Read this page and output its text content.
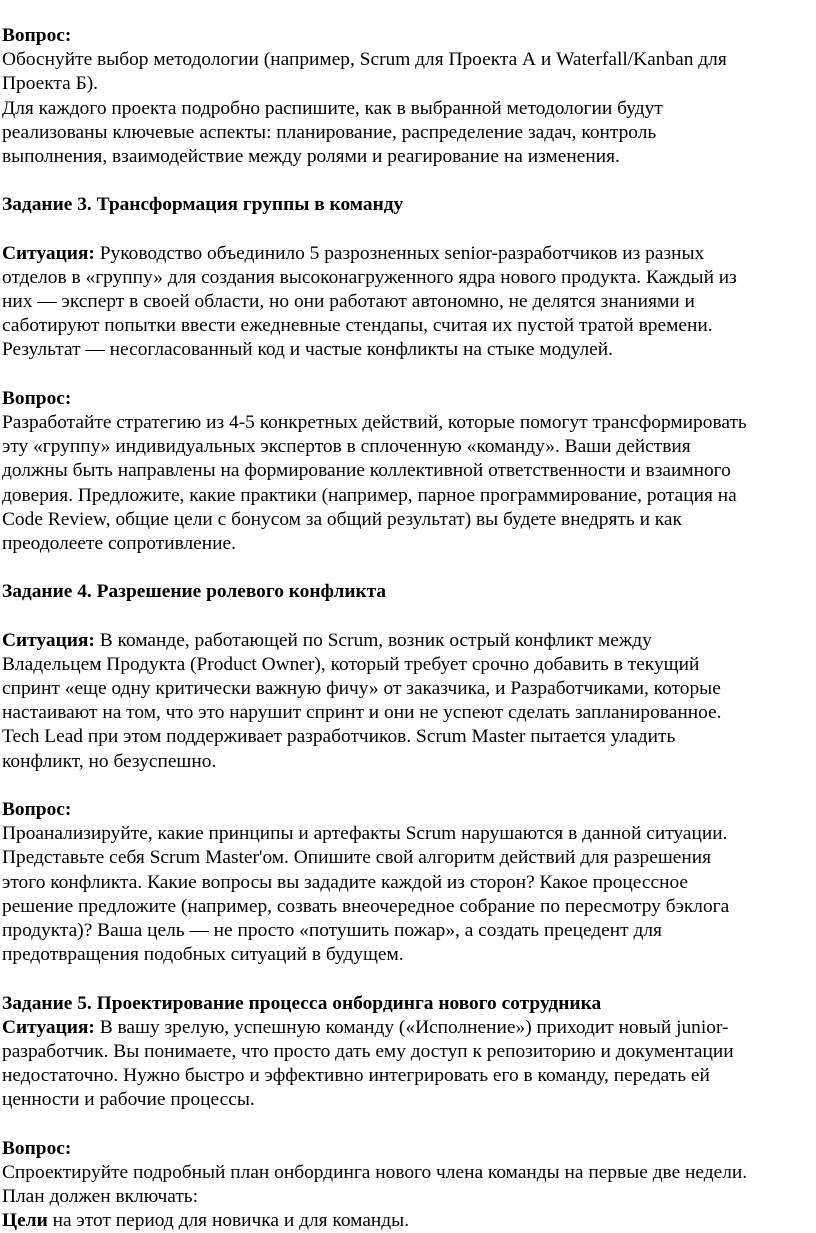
Вопрос:
Обоснуйте выбор методологии (например, Scrum для Проекта А и Waterfall/Kanban для
Проекта Б).
Для каждого проекта подробно распишите, как в выбранной методологии будут
реализованы ключевые аспекты: планирование, распределение задач, контроль
выполнения, взаимодействие между ролями и реагирование на изменения.
Задание 3. Трансформация группы в команду
Ситуация: Руководство объединило 5 разрозненных senior-разработчиков из разных
отделов в «группу» для создания высоконагруженного ядра нового продукта. Каждый из
них — эксперт в своей области, но они работают автономно, не делятся знаниями и
саботируют попытки ввести ежедневные стендапы, считая их пустой тратой времени.
Результат — несогласованный код и частые конфликты на стыке модулей.
Вопрос:
Разработайте стратегию из 4-5 конкретных действий, которые помогут трансформировать
эту «группу» индивидуальных экспертов в сплоченную «команду». Ваши действия
должны быть направлены на формирование коллективной ответственности и взаимного
доверия. Предложите, какие практики (например, парное программирование, ротация на
Code Review, общие цели с бонусом за общий результат) вы будете внедрять и как
преодолеете сопротивление.
Задание 4. Разрешение ролевого конфликта
Ситуация: В команде, работающей по Scrum, возник острый конфликт между
Владельцем Продукта (Product Owner), который требует срочно добавить в текущий
спринт «еще одну критически важную фичу» от заказчика, и Разработчиками, которые
настаивают на том, что это нарушит спринт и они не успеют сделать запланированное.
Tech Lead при этом поддерживает разработчиков. Scrum Master пытается уладить
конфликт, но безуспешно.
Вопрос:
Проанализируйте, какие принципы и артефакты Scrum нарушаются в данной ситуации.
Представьте себя Scrum Master'ом. Опишите свой алгоритм действий для разрешения
этого конфликта. Какие вопросы вы зададите каждой из сторон? Какое процессное
решение предложите (например, созвать внеочередное собрание по пересмотру бэклога
продукта)? Ваша цель — не просто «потушить пожар», а создать прецедент для
предотвращения подобных ситуаций в будущем.
Задание 5. Проектирование процесса онбординга нового сотрудника
Ситуация: В вашу зрелую, успешную команду («Исполнение») приходит новый junior-
разработчик. Вы понимаете, что просто дать ему доступ к репозиторию и документации
недостаточно. Нужно быстро и эффективно интегрировать его в команду, передать ей
ценности и рабочие процессы.
Вопрос:
Спроектируйте подробный план онбординга нового члена команды на первые две недели.
План должен включать:
Цели на этот период для новичка и для команды.
